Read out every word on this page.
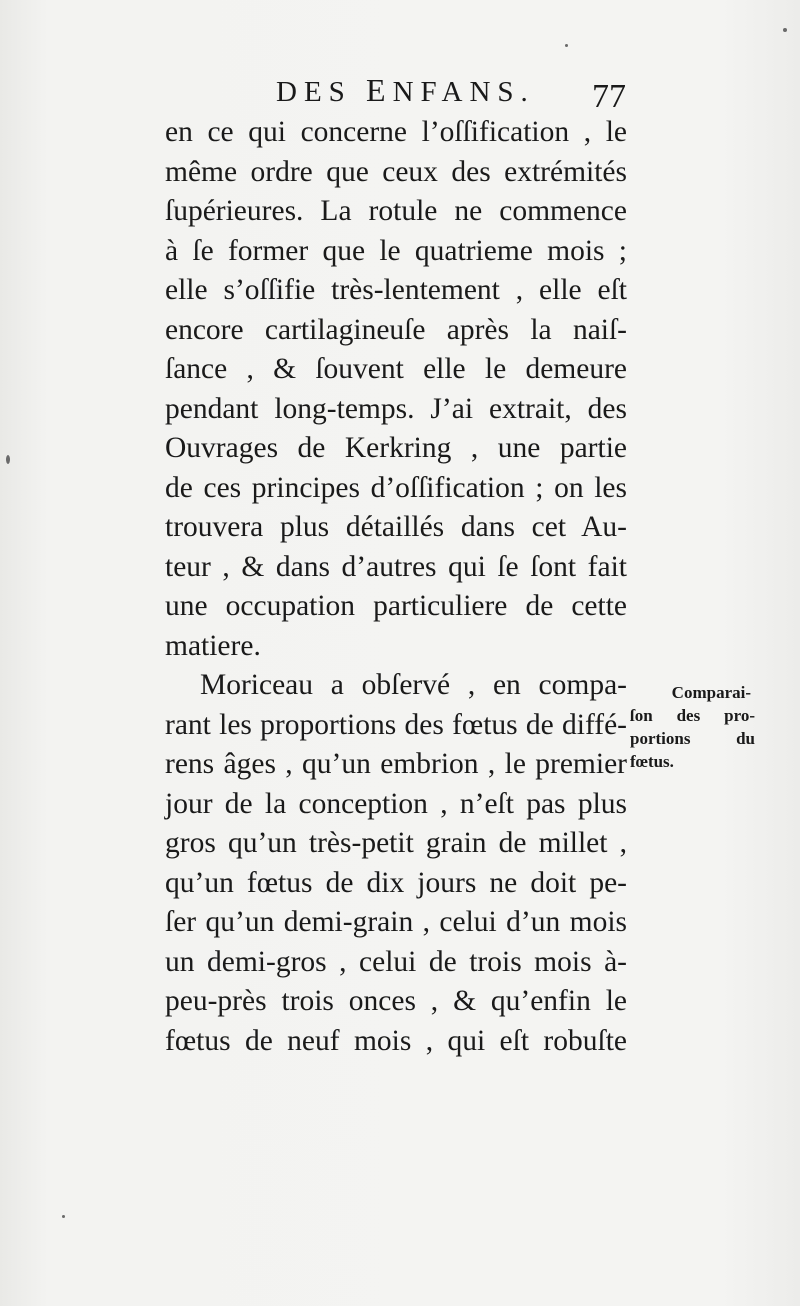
DES ENFANS. 77
en ce qui concerne l’oſſification , le
même ordre que ceux des extrémités
ſupérieures. La rotule ne commence
à ſe former que le quatrieme mois ;
elle s’oſſifie très-lentement , elle eſt
encore cartilagineuſe après la naiſ-
ſance , & ſouvent elle le demeure
pendant long-temps. J’ai extrait, des
Ouvrages de Kerkring , une partie
de ces principes d’oſſification ; on les
trouvera plus détaillés dans cet Au-
teur , & dans d’autres qui ſe ſont fait
une occupation particuliere de cette
matiere.
Moriceau a obſervé , en compa-
rant les proportions des fœtus de diffé-
rens âges , qu’un embrion , le premier
jour de la conception , n’eſt pas plus
gros qu’un très-petit grain de millet ,
qu’un fœtus de dix jours ne doit pe-
ſer qu’un demi-grain , celui d’un mois
un demi-gros , celui de trois mois à-
peu-près trois onces , & qu’enfin le
fœtus de neuf mois , qui eſt robuſte
Comparai-
ſon des pro-
portions du
fœtus.
